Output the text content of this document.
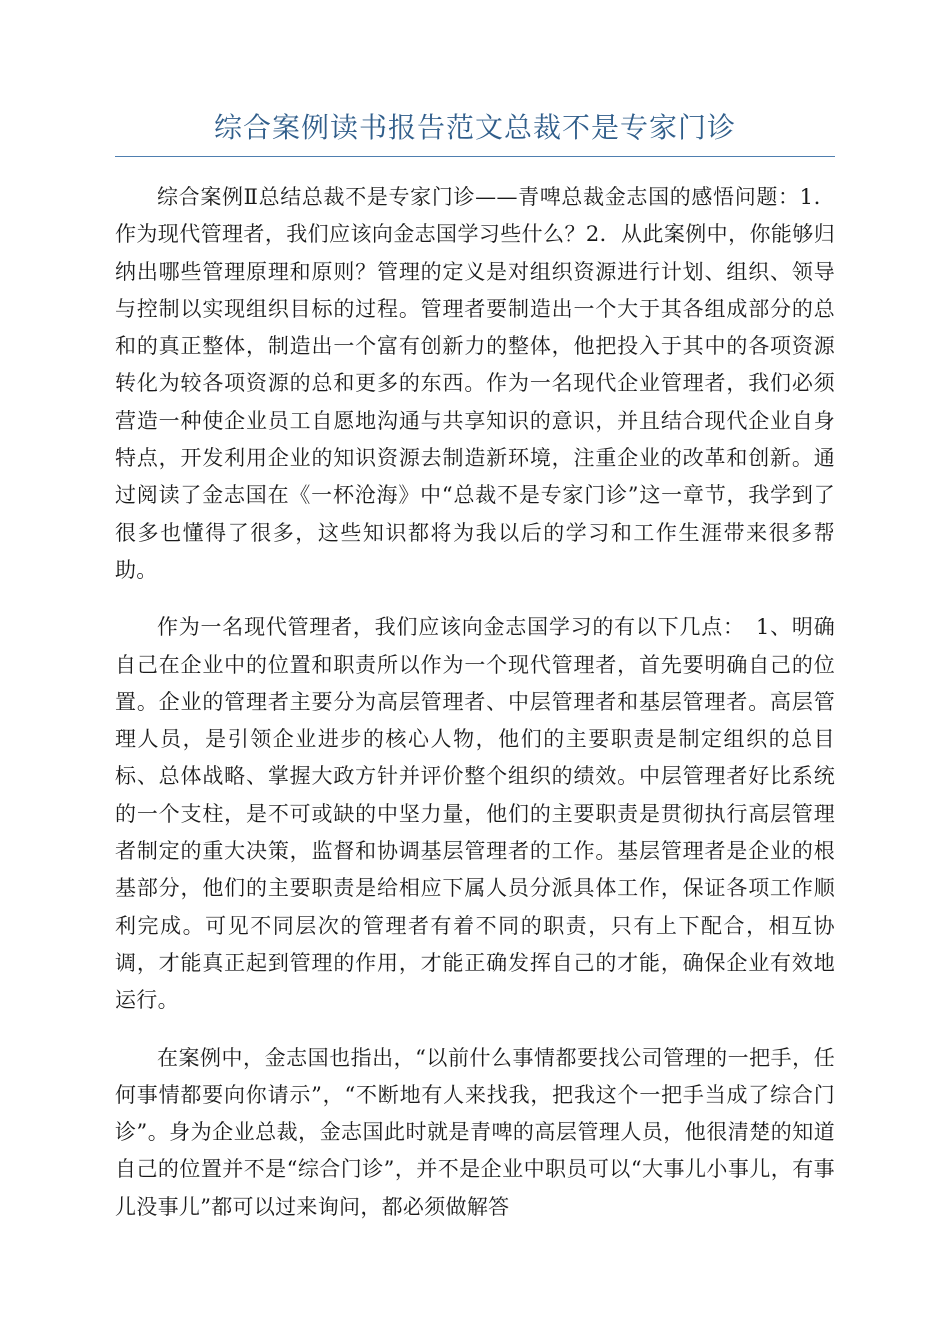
综合案例读书报告范文总裁不是专家门诊

综合案例Ⅱ总结总裁不是专家门诊——青啤总裁金志国的感悟问题：1．作为现代管理者，我们应该向金志国学习些什么？2．从此案例中，你能够归纳出哪些管理原理和原则？管理的定义是对组织资源进行计划、组织、领导与控制以实现组织目标的过程。管理者要制造出一个大于其各组成部分的总和的真正整体，制造出一个富有创新力的整体，他把投入于其中的各项资源转化为较各项资源的总和更多的东西。作为一名现代企业管理者，我们必须营造一种使企业员工自愿地沟通与共享知识的意识，并且结合现代企业自身特点，开发利用企业的知识资源去制造新环境，注重企业的改革和创新。通过阅读了金志国在《一杯沧海》中“总裁不是专家门诊”这一章节，我学到了很多也懂得了很多，这些知识都将为我以后的学习和工作生涯带来很多帮助。

作为一名现代管理者，我们应该向金志国学习的有以下几点：　1、明确自己在企业中的位置和职责所以作为一个现代管理者，首先要明确自己的位置。企业的管理者主要分为高层管理者、中层管理者和基层管理者。高层管理人员，是引领企业进步的核心人物，他们的主要职责是制定组织的总目标、总体战略、掌握大政方针并评价整个组织的绩效。中层管理者好比系统的一个支柱，是不可或缺的中坚力量，他们的主要职责是贯彻执行高层管理者制定的重大决策，监督和协调基层管理者的工作。基层管理者是企业的根基部分，他们的主要职责是给相应下属人员分派具体工作，保证各项工作顺利完成。可见不同层次的管理者有着不同的职责，只有上下配合，相互协调，才能真正起到管理的作用，才能正确发挥自己的才能，确保企业有效地运行。

在案例中，金志国也指出，“以前什么事情都要找公司管理的一把手，任何事情都要向你请示”，“不断地有人来找我，把我这个一把手当成了综合门诊”。身为企业总裁，金志国此时就是青啤的高层管理人员，他很清楚的知道自己的位置并不是“综合门诊”，并不是企业中职员可以“大事儿小事儿，有事儿没事儿”都可以过来询问，都必须做解答
